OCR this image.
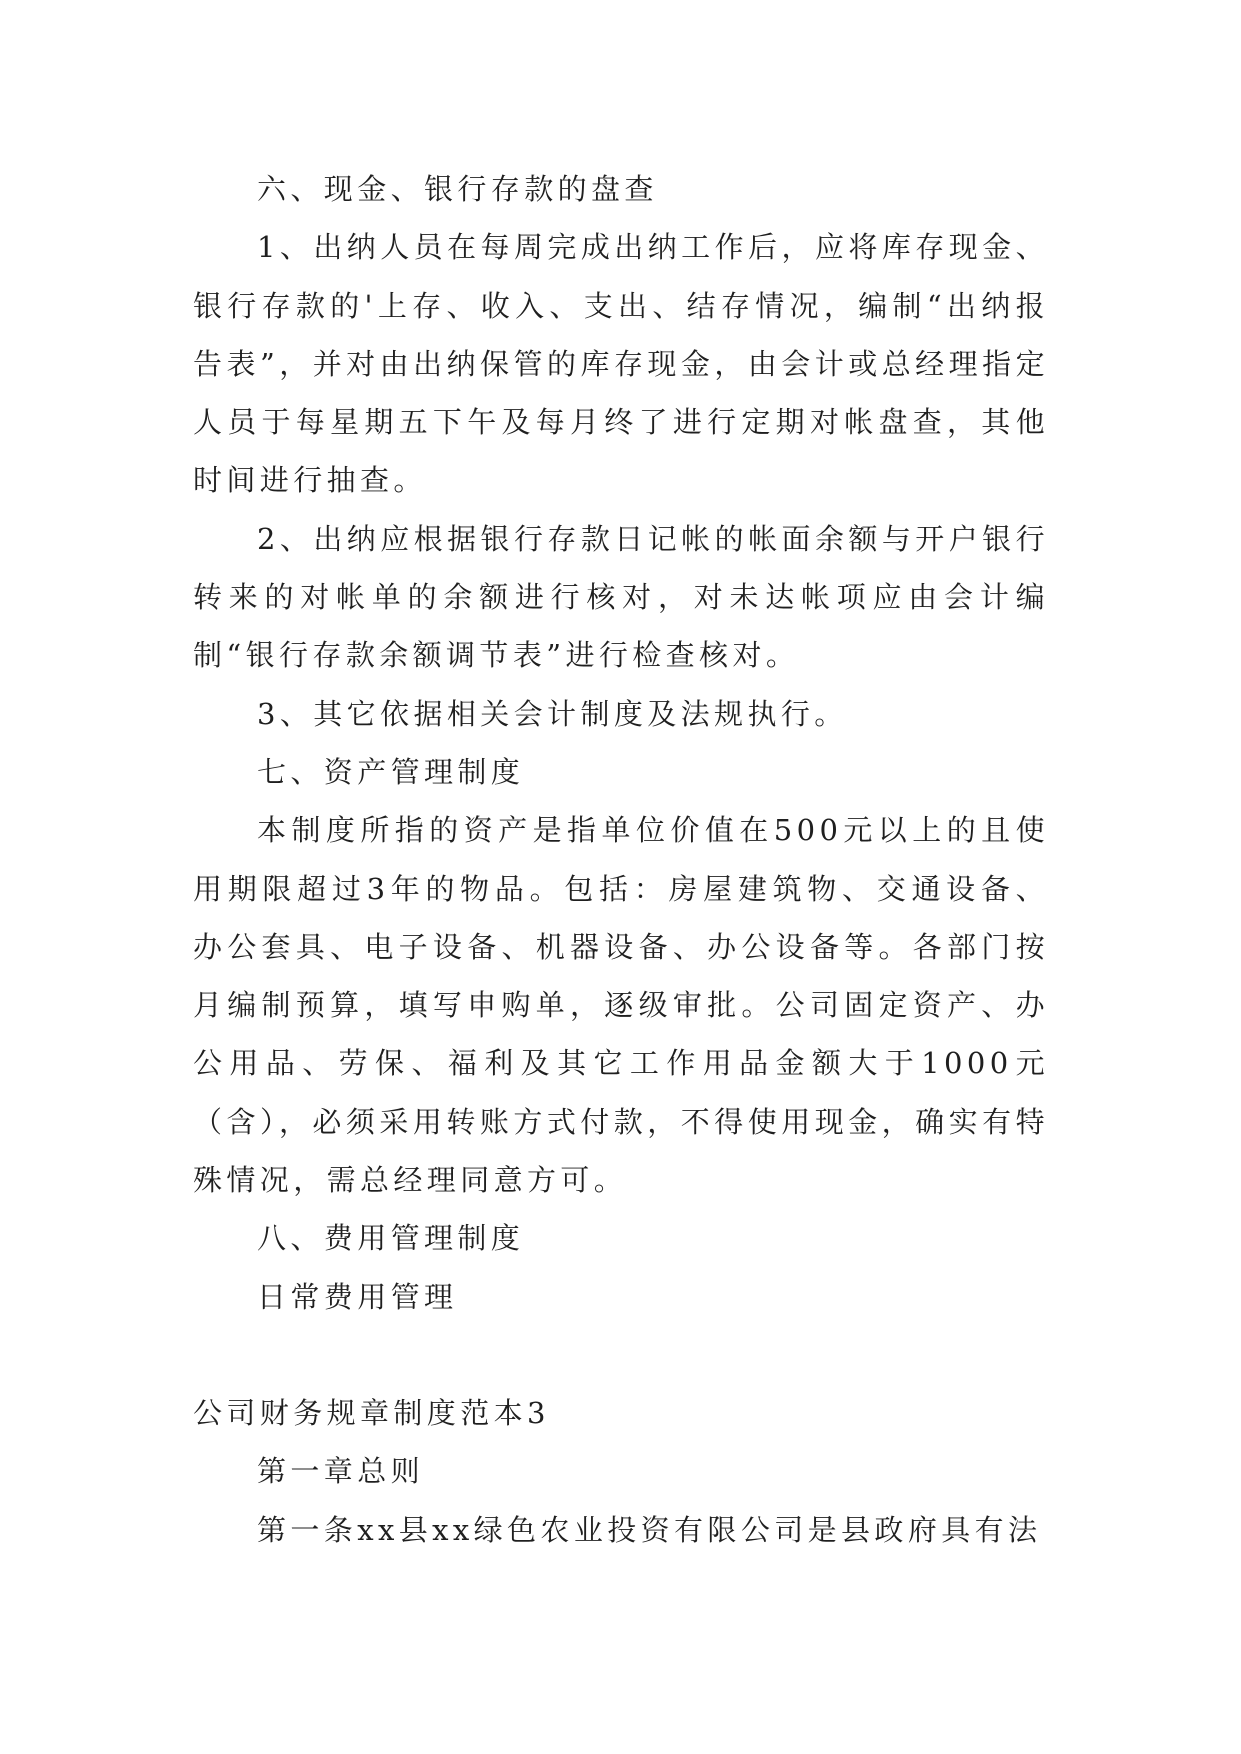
六、现金、银行存款的盘查

1、出纳人员在每周完成出纳工作后，应将库存现金、银行存款的'上存、收入、支出、结存情况，编制“出纳报告表”，并对由出纳保管的库存现金，由会计或总经理指定人员于每星期五下午及每月终了进行定期对帐盘查，其他时间进行抽查。

2、出纳应根据银行存款日记帐的帐面余额与开户银行转来的对帐单的余额进行核对，对未达帐项应由会计编制“银行存款余额调节表”进行检查核对。

3、其它依据相关会计制度及法规执行。

七、资产管理制度

本制度所指的资产是指单位价值在500元以上的且使用期限超过3年的物品。包括：房屋建筑物、交通设备、办公套具、电子设备、机器设备、办公设备等。各部门按月编制预算，填写申购单，逐级审批。公司固定资产、办公用品、劳保、福利及其它工作用品金额大于1000元（含），必须采用转账方式付款，不得使用现金，确实有特殊情况，需总经理同意方可。

八、费用管理制度

日常费用管理

公司财务规章制度范本3

第一章总则

第一条xx县xx绿色农业投资有限公司是县政府具有法
